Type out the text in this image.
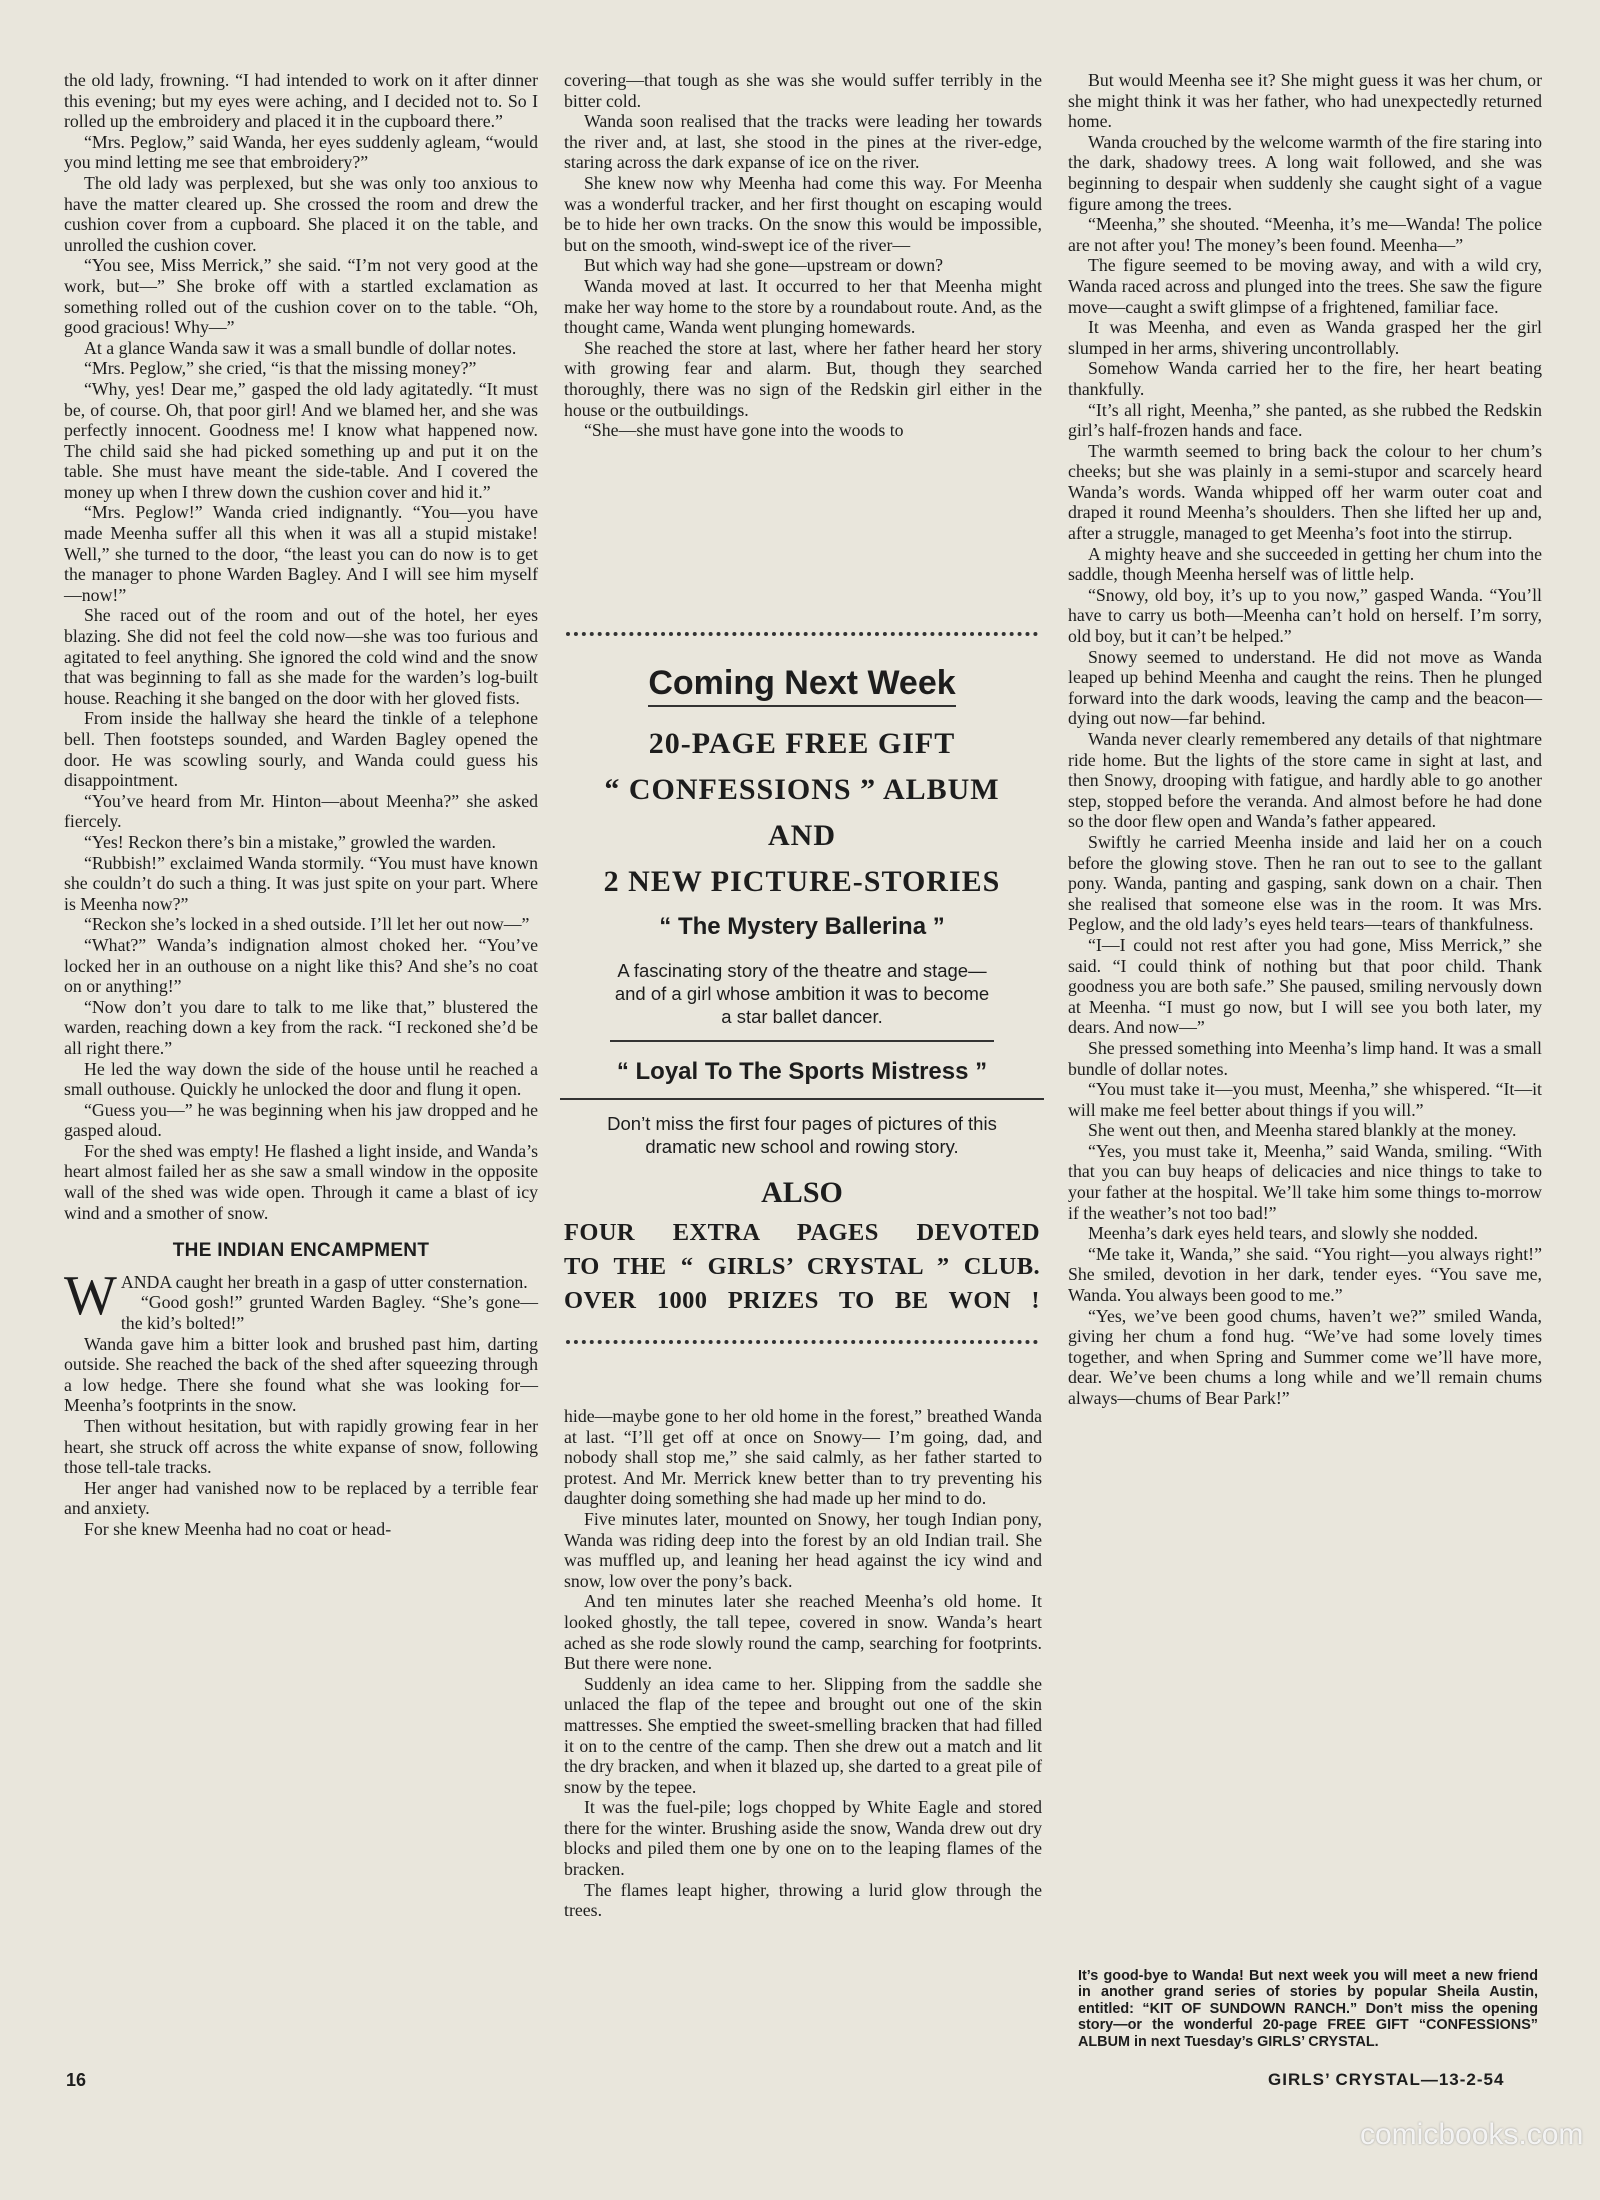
the old lady, frowning. “I had intended to work on it after dinner this evening; but my eyes were aching, and I decided not to. So I rolled up the embroidery and placed it in the cupboard there.”

“Mrs. Peglow,” said Wanda, her eyes suddenly agleam, “would you mind letting me see that embroidery?”

The old lady was perplexed, but she was only too anxious to have the matter cleared up. She crossed the room and drew the cushion cover from a cupboard. She placed it on the table, and unrolled the cushion cover.

“You see, Miss Merrick,” she said. “I’m not very good at the work, but—” She broke off with a startled exclamation as something rolled out of the cushion cover on to the table. “Oh, good gracious! Why—”

At a glance Wanda saw it was a small bundle of dollar notes.

“Mrs. Peglow,” she cried, “is that the missing money?”

“Why, yes! Dear me,” gasped the old lady agitatedly. “It must be, of course. Oh, that poor girl! And we blamed her, and she was perfectly innocent. Goodness me! I know what happened now. The child said she had picked something up and put it on the table. She must have meant the side-table. And I covered the money up when I threw down the cushion cover and hid it.”

“Mrs. Peglow!” Wanda cried indignantly. “You—you have made Meenha suffer all this when it was all a stupid mistake! Well,” she turned to the door, “the least you can do now is to get the manager to phone Warden Bagley. And I will see him myself—now!”

She raced out of the room and out of the hotel, her eyes blazing. She did not feel the cold now—she was too furious and agitated to feel anything. She ignored the cold wind and the snow that was beginning to fall as she made for the warden’s log-built house. Reaching it she banged on the door with her gloved fists.

From inside the hallway she heard the tinkle of a telephone bell. Then footsteps sounded, and Warden Bagley opened the door. He was scowling sourly, and Wanda could guess his disappointment.

“You’ve heard from Mr. Hinton—about Meenha?” she asked fiercely.

“Yes! Reckon there’s bin a mistake,” growled the warden.

“Rubbish!” exclaimed Wanda stormily. “You must have known she couldn’t do such a thing. It was just spite on your part. Where is Meenha now?”

“Reckon she’s locked in a shed outside. I’ll let her out now—”

“What?” Wanda’s indignation almost choked her. “You’ve locked her in an outhouse on a night like this? And she’s no coat on or anything!”

“Now don’t you dare to talk to me like that,” blustered the warden, reaching down a key from the rack. “I reckoned she’d be all right there.”

He led the way down the side of the house until he reached a small outhouse. Quickly he unlocked the door and flung it open.

“Guess you—” he was beginning when his jaw dropped and he gasped aloud.

For the shed was empty! He flashed a light inside, and Wanda’s heart almost failed her as she saw a small window in the opposite wall of the shed was wide open. Through it came a blast of icy wind and a smother of snow.

THE INDIAN ENCAMPMENT

WANDA caught her breath in a gasp of utter consternation.

“Good gosh!” grunted Warden Bagley. “She’s gone—the kid’s bolted!”

Wanda gave him a bitter look and brushed past him, darting outside. She reached the back of the shed after squeezing through a low hedge. There she found what she was looking for—Meenha’s footprints in the snow.

Then without hesitation, but with rapidly growing fear in her heart, she struck off across the white expanse of snow, following those tell-tale tracks.

Her anger had vanished now to be replaced by a terrible fear and anxiety.

For she knew Meenha had no coat or head-

covering—that tough as she was she would suffer terribly in the bitter cold.

Wanda soon realised that the tracks were leading her towards the river and, at last, she stood in the pines at the river-edge, staring across the dark expanse of ice on the river.

She knew now why Meenha had come this way. For Meenha was a wonderful tracker, and her first thought on escaping would be to hide her own tracks. On the snow this would be impossible, but on the smooth, wind-swept ice of the river—

But which way had she gone—upstream or down?

Wanda moved at last. It occurred to her that Meenha might make her way home to the store by a roundabout route. And, as the thought came, Wanda went plunging homewards.

She reached the store at last, where her father heard her story with growing fear and alarm. But, though they searched thoroughly, there was no sign of the Redskin girl either in the house or the outbuildings.

“She—she must have gone into the woods to

Coming Next Week
20-PAGE FREE GIFT
“ CONFESSIONS ” ALBUM
AND
2 NEW PICTURE-STORIES
“ The Mystery Ballerina ”
A fascinating story of the theatre and stage—and of a girl whose ambition it was to become a star ballet dancer.
“ Loyal To The Sports Mistress ”
Don’t miss the first four pages of pictures of this dramatic new school and rowing story.
ALSO
FOUR EXTRA PAGES DEVOTED
TO THE “ GIRLS’ CRYSTAL ” CLUB.
OVER 1000 PRIZES TO BE WON !

hide—maybe gone to her old home in the forest,” breathed Wanda at last. “I’ll get off at once on Snowy— I’m going, dad, and nobody shall stop me,” she said calmly, as her father started to protest. And Mr. Merrick knew better than to try preventing his daughter doing something she had made up her mind to do.

Five minutes later, mounted on Snowy, her tough Indian pony, Wanda was riding deep into the forest by an old Indian trail. She was muffled up, and leaning her head against the icy wind and snow, low over the pony’s back.

And ten minutes later she reached Meenha’s old home. It looked ghostly, the tall tepee, covered in snow. Wanda’s heart ached as she rode slowly round the camp, searching for footprints. But there were none.

Suddenly an idea came to her. Slipping from the saddle she unlaced the flap of the tepee and brought out one of the skin mattresses. She emptied the sweet-smelling bracken that had filled it on to the centre of the camp. Then she drew out a match and lit the dry bracken, and when it blazed up, she darted to a great pile of snow by the tepee.

It was the fuel-pile; logs chopped by White Eagle and stored there for the winter. Brushing aside the snow, Wanda drew out dry blocks and piled them one by one on to the leaping flames of the bracken.

The flames leapt higher, throwing a lurid glow through the trees.

But would Meenha see it? She might guess it was her chum, or she might think it was her father, who had unexpectedly returned home.

Wanda crouched by the welcome warmth of the fire staring into the dark, shadowy trees. A long wait followed, and she was beginning to despair when suddenly she caught sight of a vague figure among the trees.

“Meenha,” she shouted. “Meenha, it’s me—Wanda! The police are not after you! The money’s been found. Meenha—”

The figure seemed to be moving away, and with a wild cry, Wanda raced across and plunged into the trees. She saw the figure move—caught a swift glimpse of a frightened, familiar face.

It was Meenha, and even as Wanda grasped her the girl slumped in her arms, shivering uncontrollably.

Somehow Wanda carried her to the fire, her heart beating thankfully.

“It’s all right, Meenha,” she panted, as she rubbed the Redskin girl’s half-frozen hands and face.

The warmth seemed to bring back the colour to her chum’s cheeks; but she was plainly in a semi-stupor and scarcely heard Wanda’s words. Wanda whipped off her warm outer coat and draped it round Meenha’s shoulders. Then she lifted her up and, after a struggle, managed to get Meenha’s foot into the stirrup.

A mighty heave and she succeeded in getting her chum into the saddle, though Meenha herself was of little help.

“Snowy, old boy, it’s up to you now,” gasped Wanda. “You’ll have to carry us both—Meenha can’t hold on herself. I’m sorry, old boy, but it can’t be helped.”

Snowy seemed to understand. He did not move as Wanda leaped up behind Meenha and caught the reins. Then he plunged forward into the dark woods, leaving the camp and the beacon—dying out now—far behind.

Wanda never clearly remembered any details of that nightmare ride home. But the lights of the store came in sight at last, and then Snowy, drooping with fatigue, and hardly able to go another step, stopped before the veranda. And almost before he had done so the door flew open and Wanda’s father appeared.

Swiftly he carried Meenha inside and laid her on a couch before the glowing stove. Then he ran out to see to the gallant pony. Wanda, panting and gasping, sank down on a chair. Then she realised that someone else was in the room. It was Mrs. Peglow, and the old lady’s eyes held tears—tears of thankfulness.

“I—I could not rest after you had gone, Miss Merrick,” she said. “I could think of nothing but that poor child. Thank goodness you are both safe.” She paused, smiling nervously down at Meenha. “I must go now, but I will see you both later, my dears. And now—”

She pressed something into Meenha’s limp hand. It was a small bundle of dollar notes.

“You must take it—you must, Meenha,” she whispered. “It—it will make me feel better about things if you will.”

She went out then, and Meenha stared blankly at the money.

“Yes, you must take it, Meenha,” said Wanda, smiling. “With that you can buy heaps of delicacies and nice things to take to your father at the hospital. We’ll take him some things to-morrow if the weather’s not too bad!”

Meenha’s dark eyes held tears, and slowly she nodded.

“Me take it, Wanda,” she said. “You right—you always right!” She smiled, devotion in her dark, tender eyes. “You save me, Wanda. You always been good to me.”

“Yes, we’ve been good chums, haven’t we?” smiled Wanda, giving her chum a fond hug. “We’ve had some lovely times together, and when Spring and Summer come we’ll have more, dear. We’ve been chums a long while and we’ll remain chums always—chums of Bear Park!”

It’s good-bye to Wanda! But next week you will meet a new friend in another grand series of stories by popular Sheila Austin, entitled: “KIT OF SUNDOWN RANCH.” Don’t miss the opening story—or the wonderful 20-page FREE GIFT “CONFESSIONS” ALBUM in next Tuesday’s GIRLS’ CRYSTAL.
16	GIRLS’ CRYSTAL—13-2-54
comicbooks.com
